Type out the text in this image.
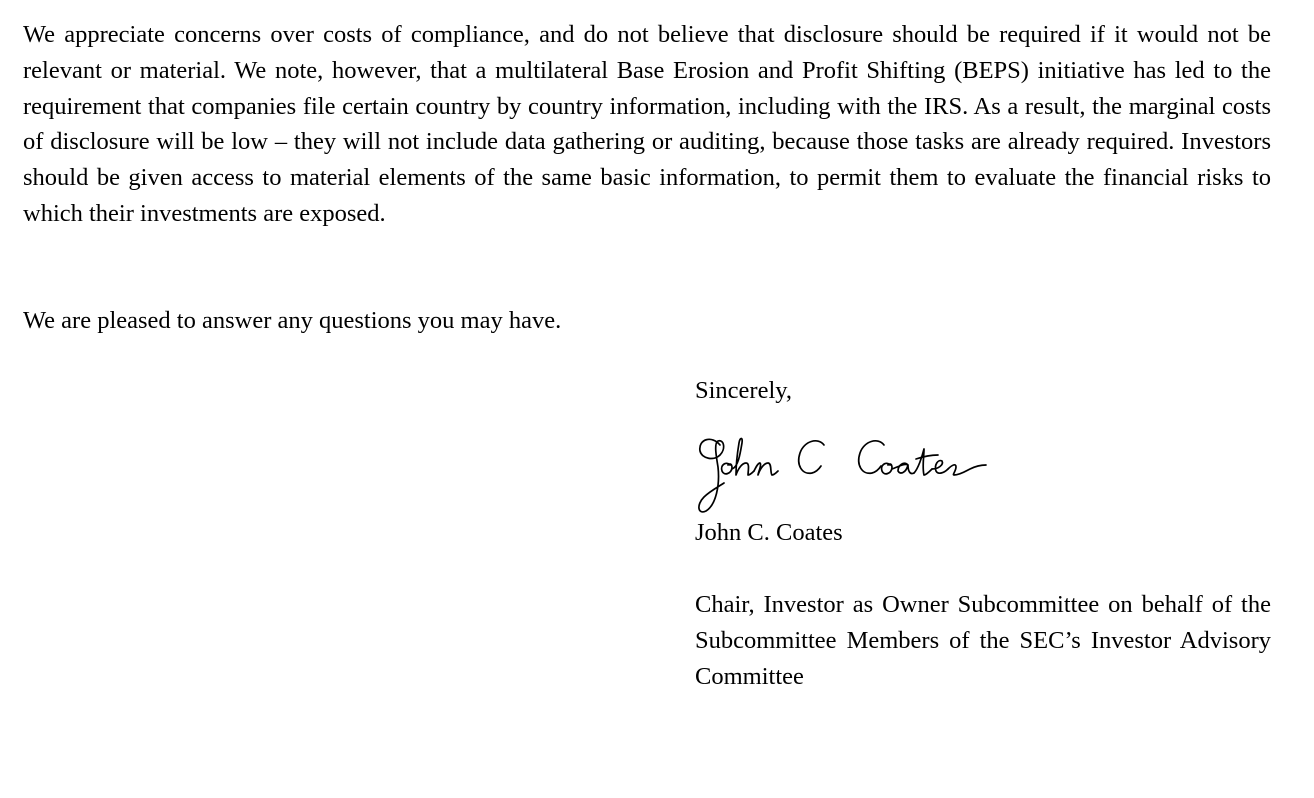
We appreciate concerns over costs of compliance, and do not believe that disclosure should be required if it would not be relevant or material. We note, however, that a multilateral Base Erosion and Profit Shifting (BEPS) initiative has led to the requirement that companies file certain country by country information, including with the IRS. As a result, the marginal costs of disclosure will be low – they will not include data gathering or auditing, because those tasks are already required. Investors should be given access to material elements of the same basic information, to permit them to evaluate the financial risks to which their investments are exposed.

We are pleased to answer any questions you may have.

Sincerely,

John C. Coates

Chair, Investor as Owner Subcommittee on behalf of the Subcommittee Members of the SEC’s Investor Advisory Committee
